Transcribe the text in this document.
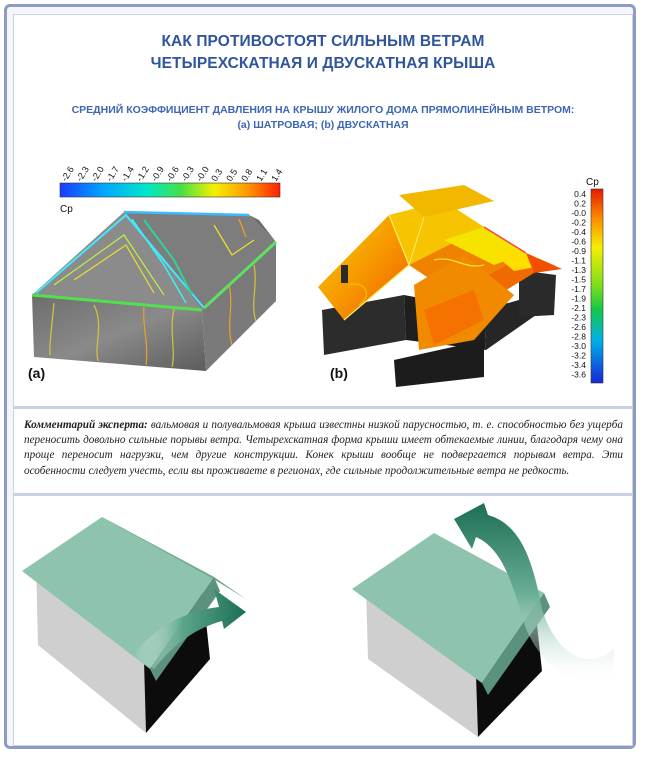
КАК ПРОТИВОСТОЯТ СИЛЬНЫМ ВЕТРАМ
ЧЕТЫРЕХСКАТНАЯ И ДВУСКАТНАЯ КРЫША
СРЕДНИЙ КОЭФФИЦИЕНТ ДАВЛЕНИЯ НА КРЫШУ ЖИЛОГО ДОМА ПРЯМОЛИНЕЙНЫМ ВЕТРОМ:
(а) ШАТРОВАЯ; (b) ДВУСКАТНАЯ
-2.6
-2.3
-2.0
-1.7
-1.4
-1.2
-0.9
-0.6
-0.3
-0.0
0.3 0.5 0.8 1.1 1.4
Cp
(a)	(b)
Cp
0.4
0.2
-0.0
-0.2
-0.4
-0.6
-0.9
-1.1
-1.3
-1.5
-1.7
-1.9
-2.1
-2.3
-2.6
-2.8
-3.0
-3.2
-3.4
-3.6
Комментарий эксперта: вальмовая и полувальмовая крыша известны низкой парусностью, т. е. способностью без ущерба переносить довольно сильные порывы ветра. Четырехскатная форма крыши имеет обтекаемые линии, благодаря чему она проще переносит нагрузки, чем другие конструкции. Конек крыши вообще не подвергается порывам ветра. Эти особенности следует учесть, если вы проживаете в регионах, где сильные продолжительные ветра не редкость.
